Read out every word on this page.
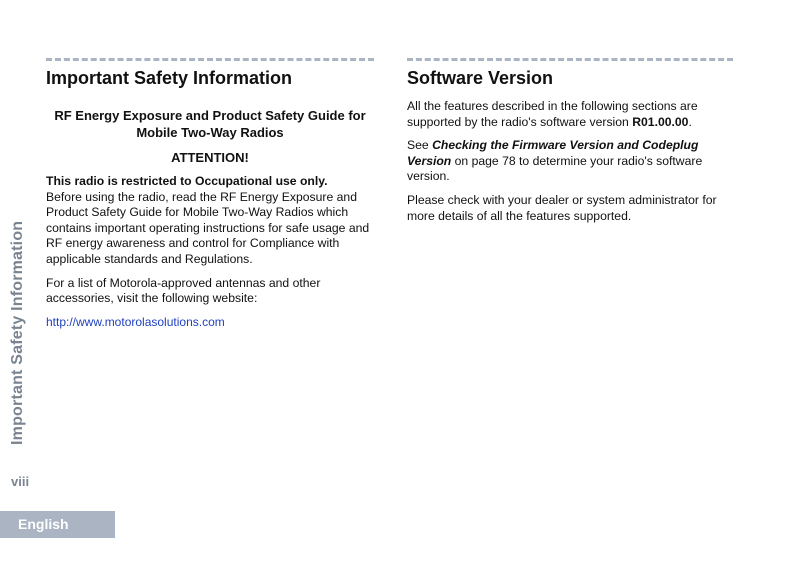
Important Safety Information
viii
English
Important Safety Information
RF Energy Exposure and Product Safety Guide for Mobile Two-Way Radios
ATTENTION!

This radio is restricted to Occupational use only.
Before using the radio, read the RF Energy Exposure and Product Safety Guide for Mobile Two-Way Radios which contains important operating instructions for safe usage and RF energy awareness and control for Compliance with applicable standards and Regulations.

For a list of Motorola-approved antennas and other accessories, visit the following website:

http://www.motorolasolutions.com

Software Version

All the features described in the following sections are supported by the radio's software version R01.00.00.

See Checking the Firmware Version and Codeplug Version on page 78 to determine your radio's software version.

Please check with your dealer or system administrator for more details of all the features supported.
